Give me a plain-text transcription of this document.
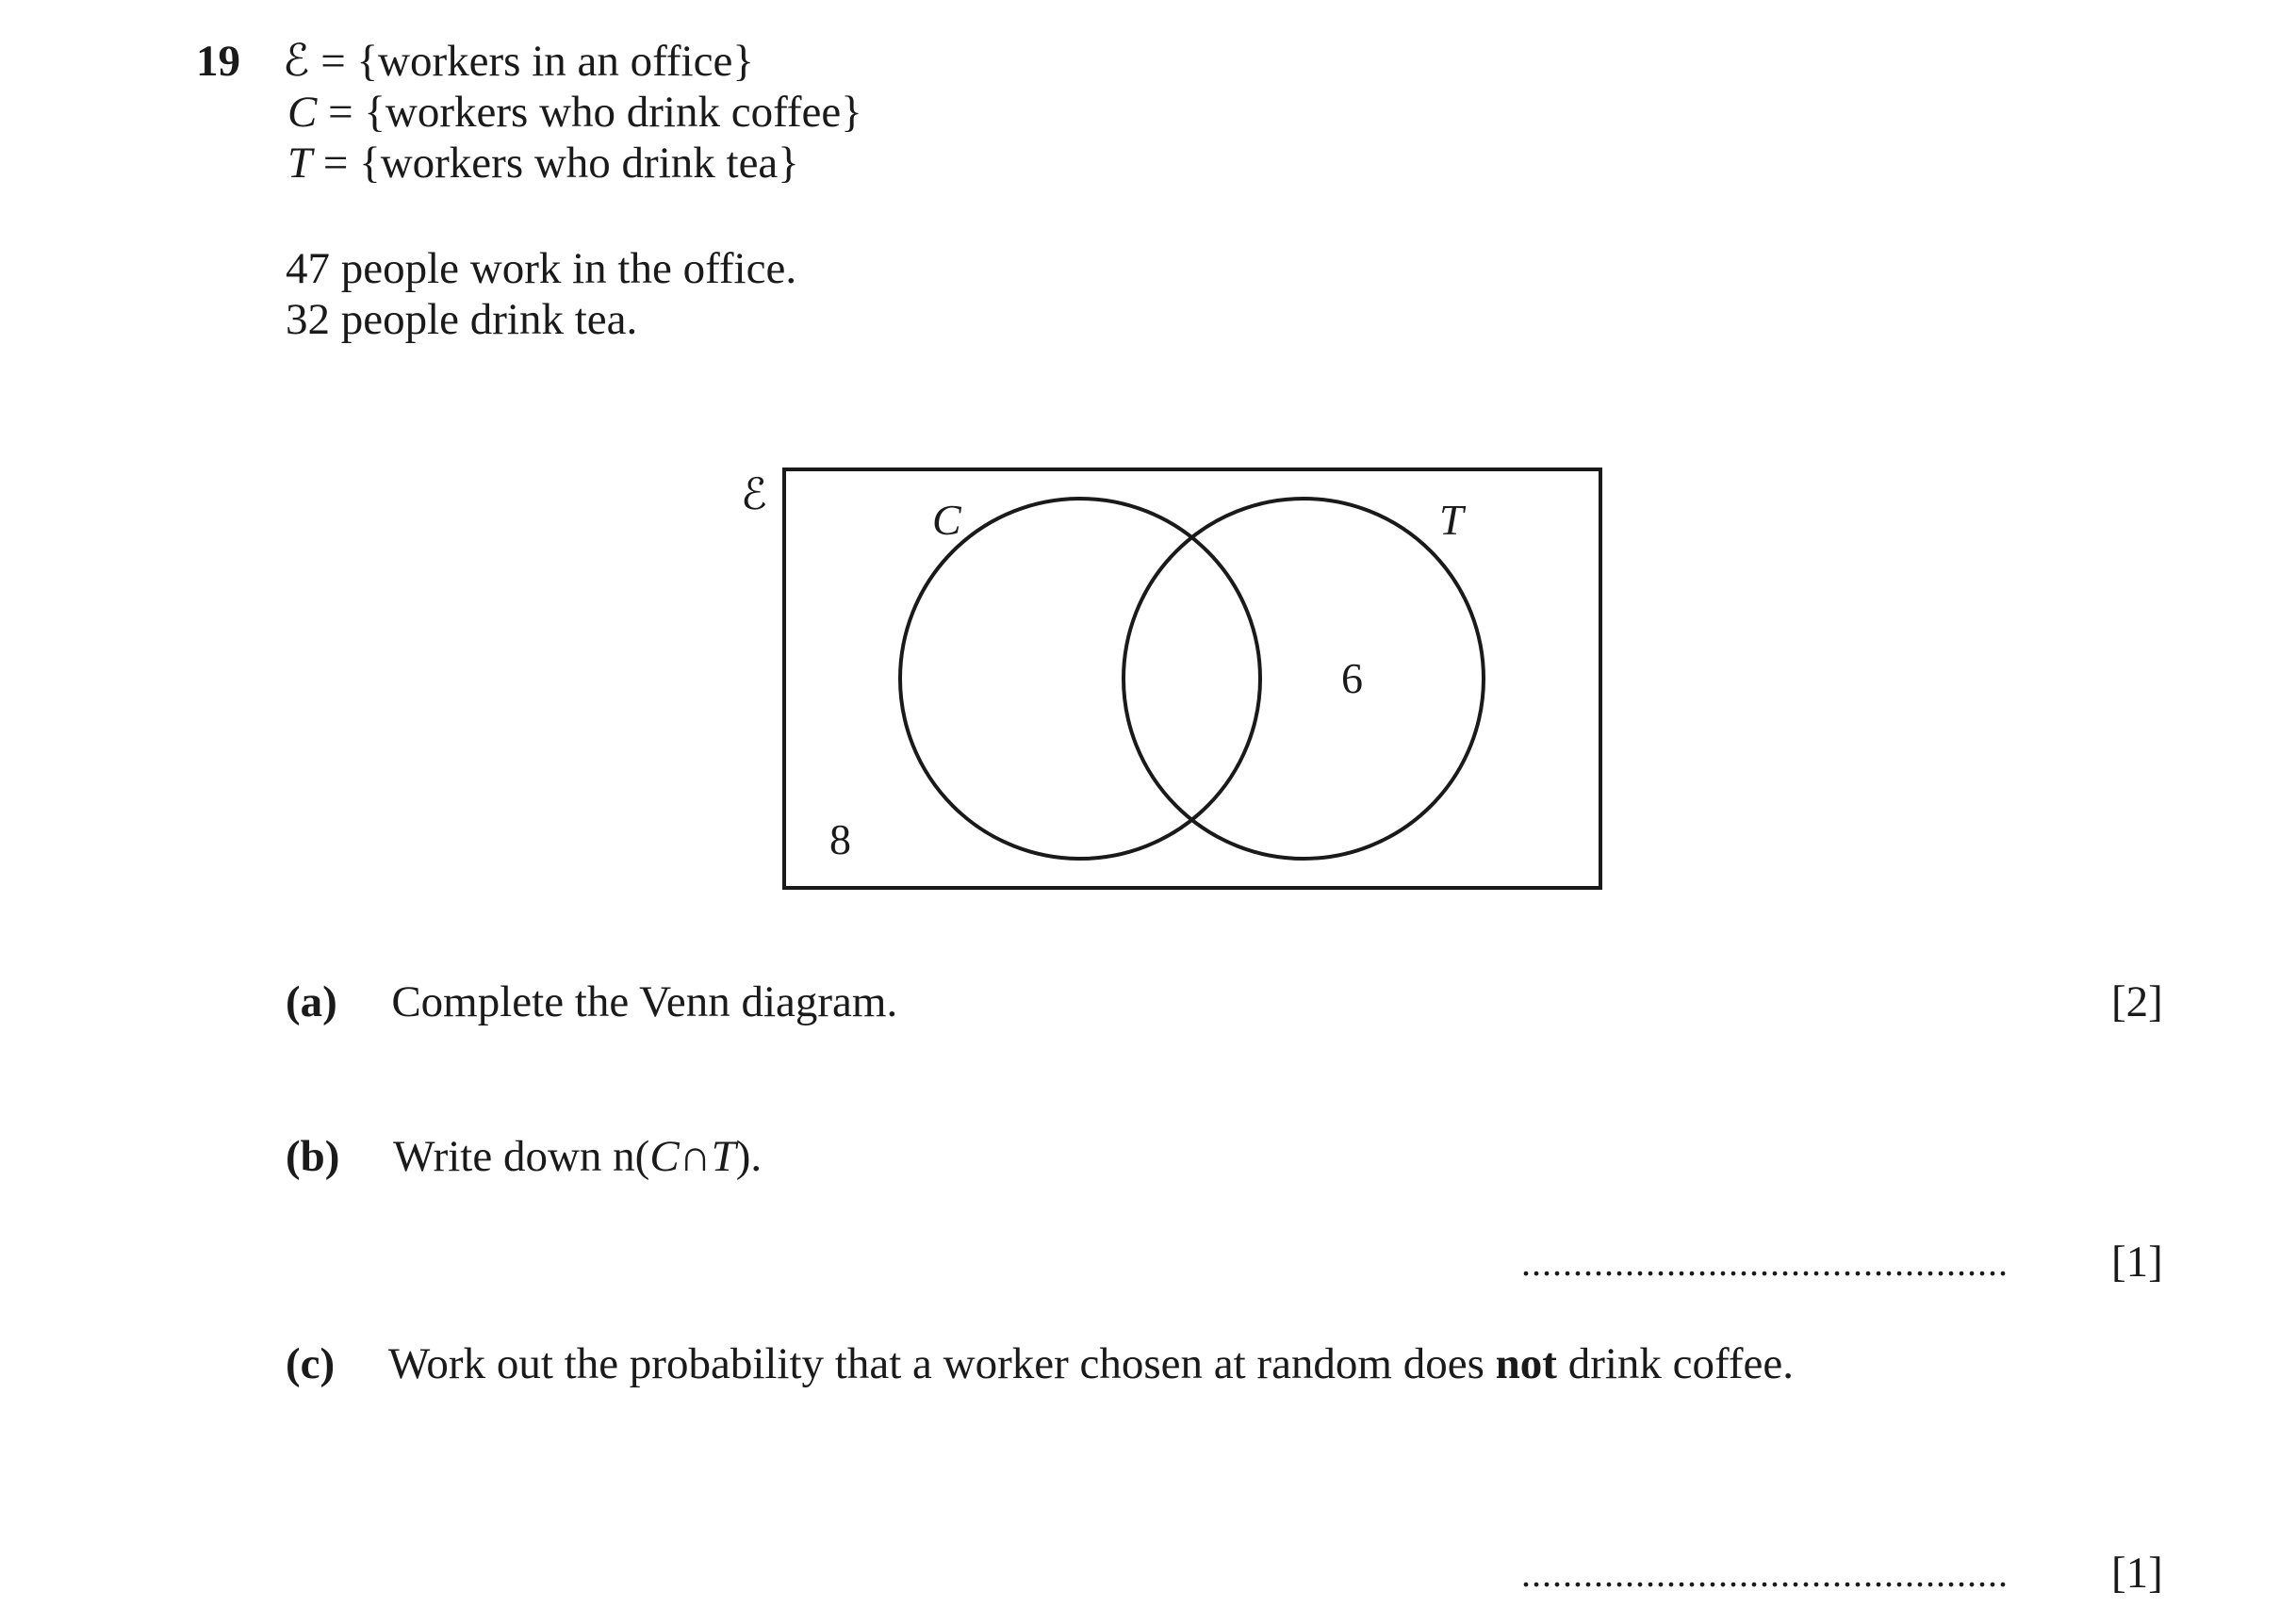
19 ℰ = {workers in an office}
C = {workers who drink coffee}
T = {workers who drink tea}
47 people work in the office.
32 people drink tea.
ℰ
C	T
6
8
(a) Complete the Venn diagram.	[2]
(b) Write down n(C∩T).
............................................... [1]
(c) Work out the probability that a worker chosen at random does not drink coffee.
............................................... [1]
